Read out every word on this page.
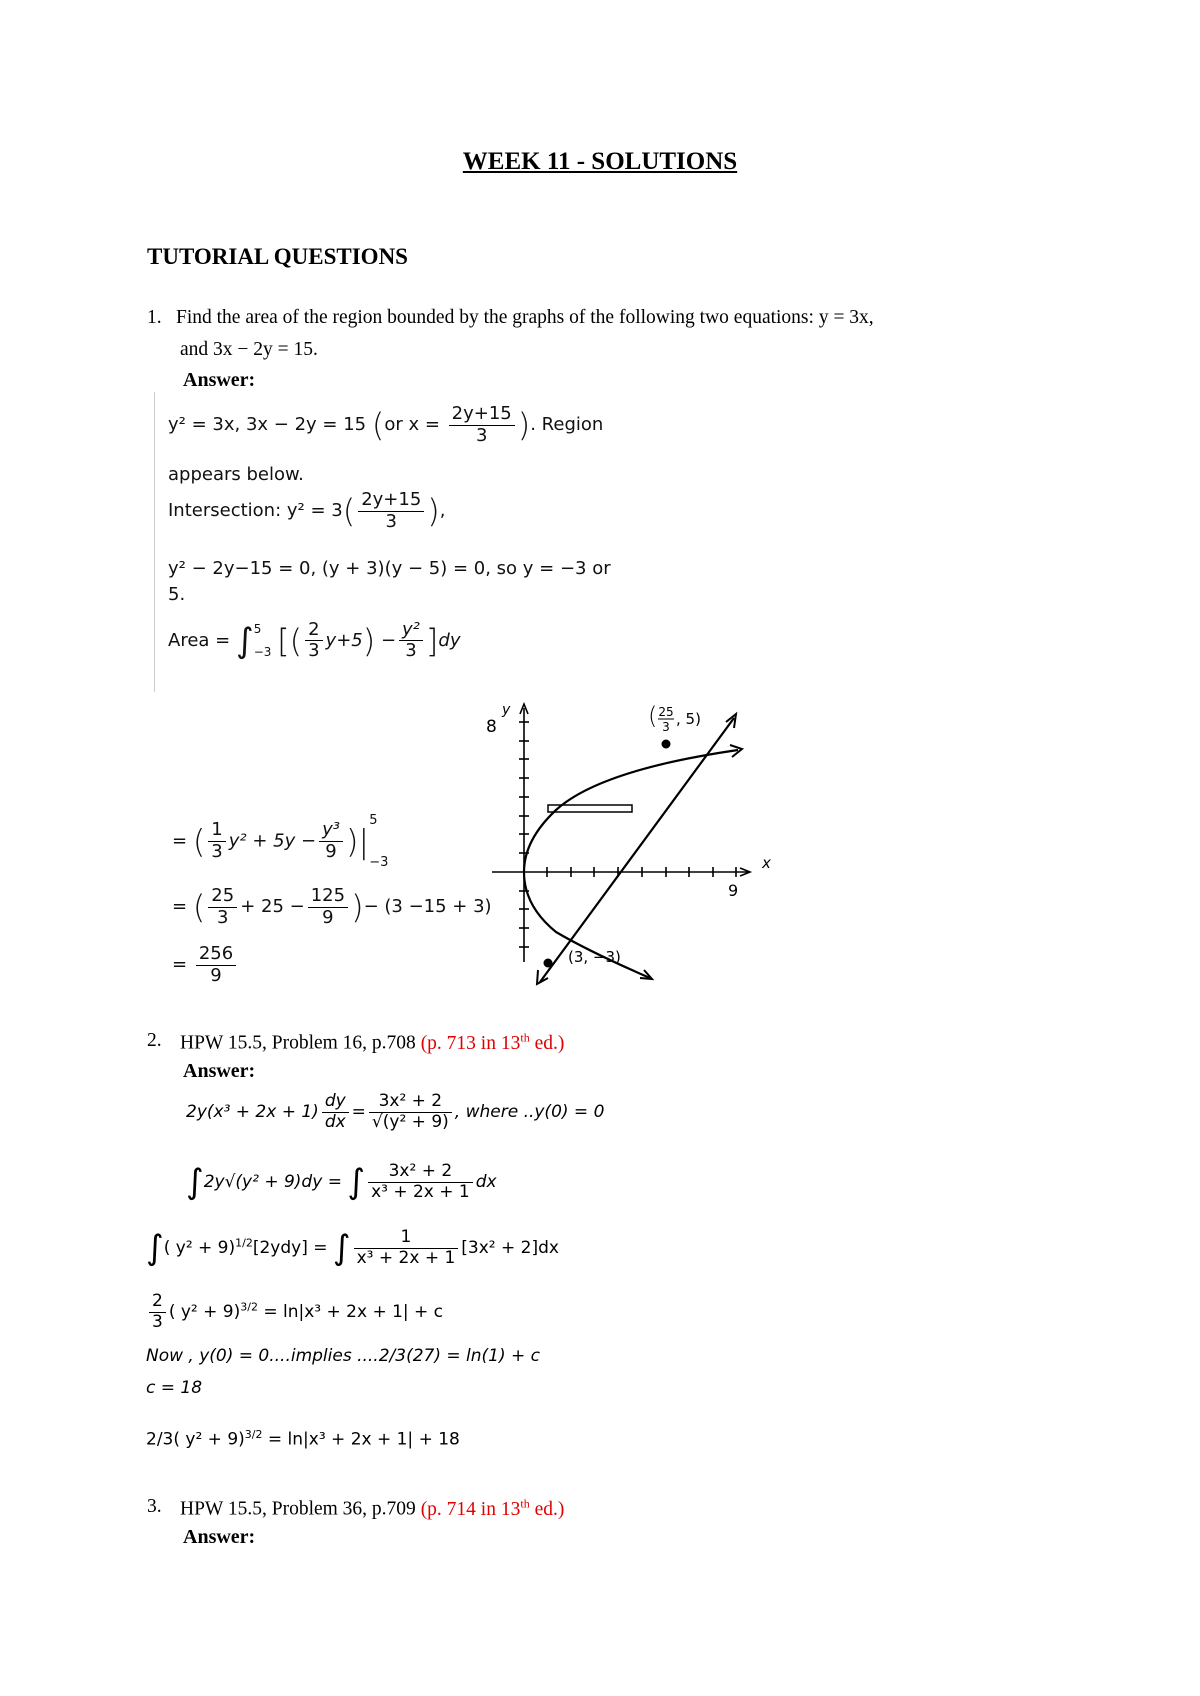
WEEK 11 - SOLUTIONS
TUTORIAL QUESTIONS
1. Find the area of the region bounded by the graphs of the following two equations: y = 3x,
and 3x − 2y = 15.
Answer:
y² = 3x, 3x − 2y = 15 (or $x = \frac{2y+15}{3}$ ). Region
appears below.
Intersection: $y^2 = 3( \frac{2y+15}{3}$ ),
y² − 2y−15 = 0, (y + 3)(y − 5) = 0, so y = −3 or
5.
Area = ∫ 5
−3 [( $\frac{2}{3} y+5) - \frac{\text{y²}}{3} ]dy$
= ( $\frac{1}{3} y^2 + 5y - \frac{\text{y³}}{9}$ )|
5
−3
= ( $\frac{25}{3} + 25 - \frac{125}{9}$ )− (3 −15 + 3)
= $\frac{256}{9}$
8
y
x
9
( 25
3 , 5)
(3, −3)
2. HPW 15.5, Problem 16, p.708 (p. 713 in 13th ed.)
Answer:
$2y(x^3 + 2x + 1) \frac{dy}{dx} = \frac{\text{3x² + 2}}{\text{√(y² + 9)}}$ , where ..y(0) = 0
∫2y√(y² + 9)dy = ∫ $\frac{\text{3x² + 2}}{\text{x³ + 2x + 1}}$ dx
∫( y² + 9)$^{1/2}$[2ydy] = ∫ $\frac{1}{\text{x³ + 2x + 1}} [3x^2 + 2]dx$
$\frac{2}{3}$ ( y² + 9)$^{3/2}$ = ln|x³ + 2x + 1| + c
Now , y(0) = 0....implies ....2/3(27) = ln(1) + c
c = 18
2/3( y² + 9)$^{3/2}$ = ln|x³ + 2x + 1| + 18
3. HPW 15.5, Problem 36, p.709 (p. 714 in 13th ed.)
Answer:
